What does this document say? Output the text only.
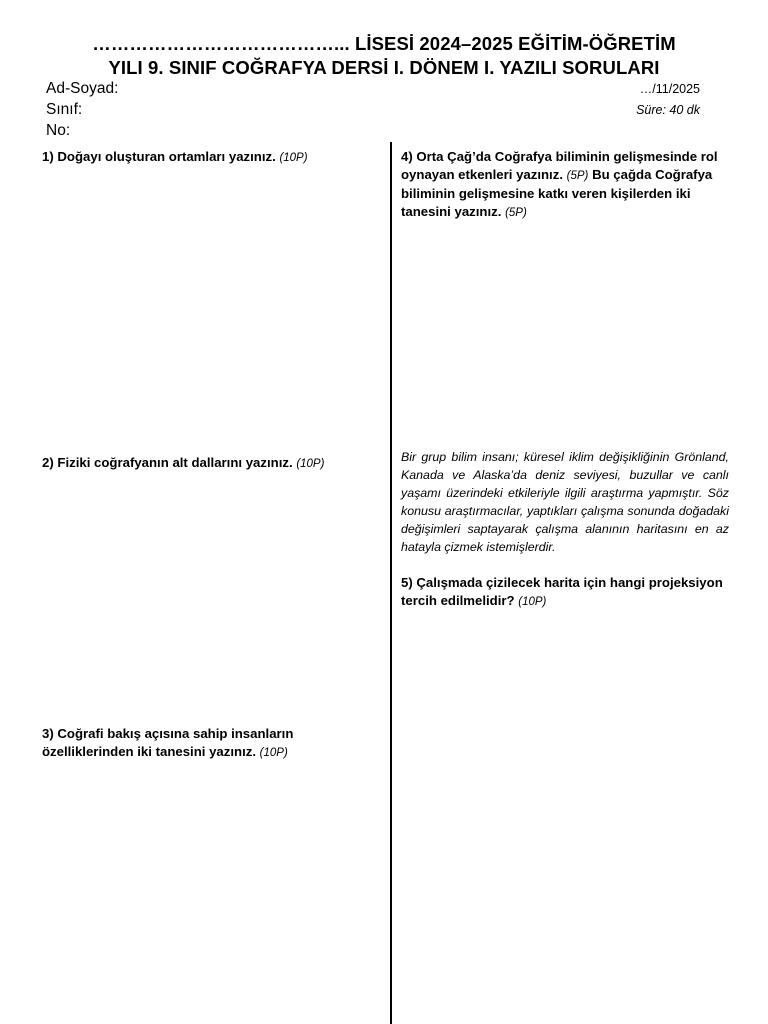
…………………………………... LİSESİ 2024–2025 EĞİTİM-ÖĞRETİM
YILI 9. SINIF COĞRAFYA DERSİ I. DÖNEM I. YAZILI SORULARI
Ad-Soyad:
Sınıf:
No:
…/11/2025
Süre: 40 dk
1) Doğayı oluşturan ortamları yazınız. (10P)
2) Fiziki coğrafyanın alt dallarını yazınız. (10P)
3) Coğrafi bakış açısına sahip insanların özelliklerinden iki tanesini yazınız. (10P)
4) Orta Çağ’da Coğrafya biliminin gelişmesinde rol oynayan etkenleri yazınız. (5P) Bu çağda Coğrafya biliminin gelişmesine katkı veren kişilerden iki tanesini yazınız. (5P)
Bir grup bilim insanı; küresel iklim değişikliğinin Grönland, Kanada ve Alaska’da deniz seviyesi, buzullar ve canlı yaşamı üzerindeki etkileriyle ilgili araştırma yapmıştır. Söz konusu araştırmacılar, yaptıkları çalışma sonunda doğadaki değişimleri saptayarak çalışma alanının haritasını en az hatayla çizmek istemişlerdir.
5) Çalışmada çizilecek harita için hangi projeksiyon tercih edilmelidir? (10P)
